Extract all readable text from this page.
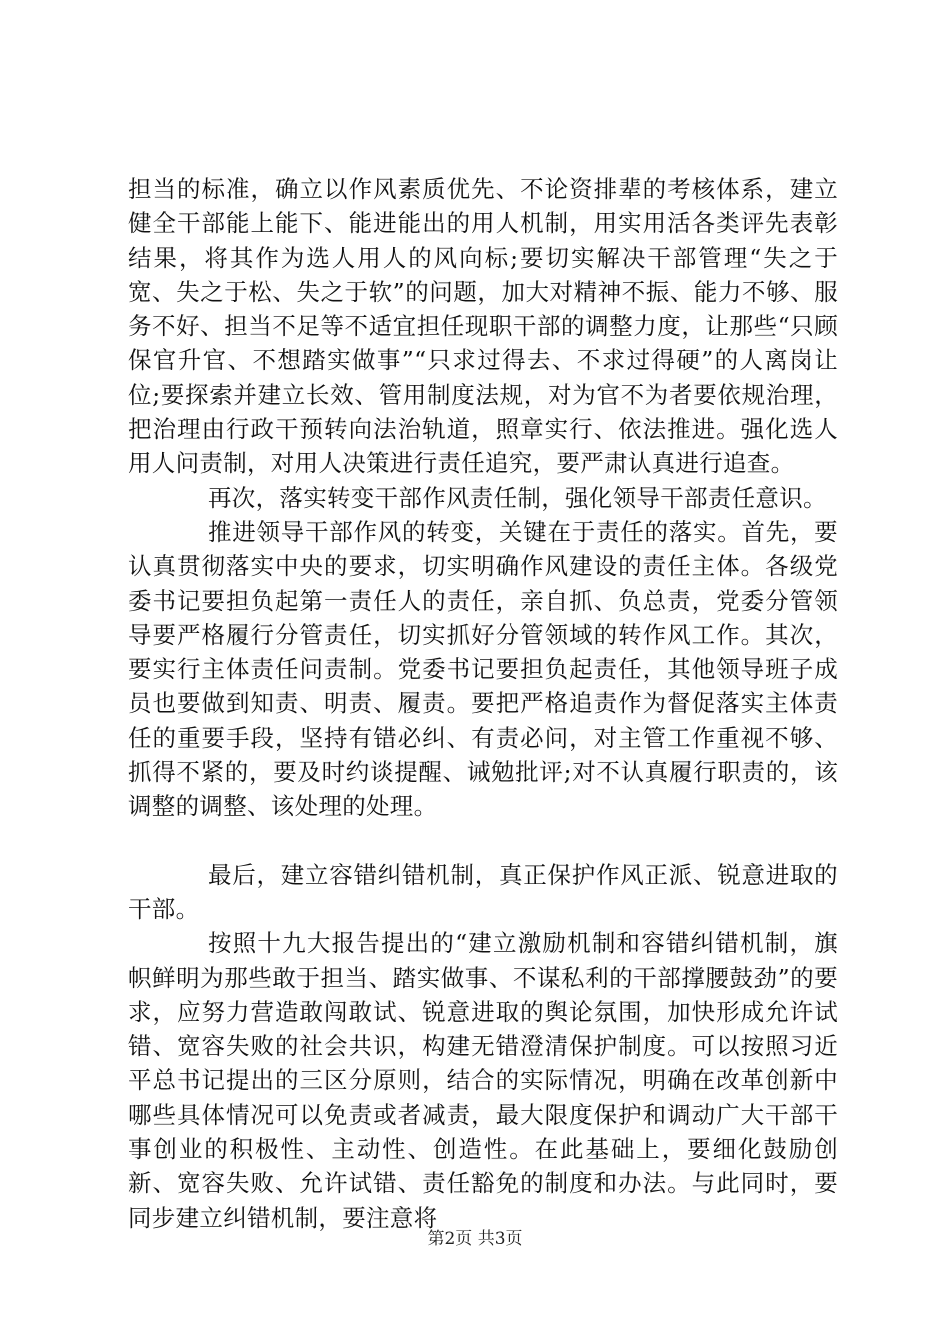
担当的标准，确立以作风素质优先、不论资排辈的考核体系，建立健全干部能上能下、能进能出的用人机制，用实用活各类评先表彰结果，将其作为选人用人的风向标;要切实解决干部管理“失之于宽、失之于松、失之于软”的问题，加大对精神不振、能力不够、服务不好、担当不足等不适宜担任现职干部的调整力度，让那些“只顾保官升官、不想踏实做事”“只求过得去、不求过得硬”的人离岗让位;要探索并建立长效、管用制度法规，对为官不为者要依规治理，把治理由行政干预转向法治轨道，照章实行、依法推进。强化选人用人问责制，对用人决策进行责任追究，要严肃认真进行追查。

再次，落实转变干部作风责任制，强化领导干部责任意识。

推进领导干部作风的转变，关键在于责任的落实。首先，要认真贯彻落实中央的要求，切实明确作风建设的责任主体。各级党委书记要担负起第一责任人的责任，亲自抓、负总责，党委分管领导要严格履行分管责任，切实抓好分管领域的转作风工作。其次，要实行主体责任问责制。党委书记要担负起责任，其他领导班子成员也要做到知责、明责、履责。要把严格追责作为督促落实主体责任的重要手段，坚持有错必纠、有责必问，对主管工作重视不够、抓得不紧的，要及时约谈提醒、诫勉批评;对不认真履行职责的，该调整的调整、该处理的处理。

最后，建立容错纠错机制，真正保护作风正派、锐意进取的干部。

按照十九大报告提出的“建立激励机制和容错纠错机制，旗帜鲜明为那些敢于担当、踏实做事、不谋私利的干部撑腰鼓劲”的要求，应努力营造敢闯敢试、锐意进取的舆论氛围，加快形成允许试错、宽容失败的社会共识，构建无错澄清保护制度。可以按照习近平总书记提出的三区分原则，结合的实际情况，明确在改革创新中哪些具体情况可以免责或者减责，最大限度保护和调动广大干部干事创业的积极性、主动性、创造性。在此基础上，要细化鼓励创新、宽容失败、允许试错、责任豁免的制度和办法。与此同时，要同步建立纠错机制，要注意将

第2页 共3页
